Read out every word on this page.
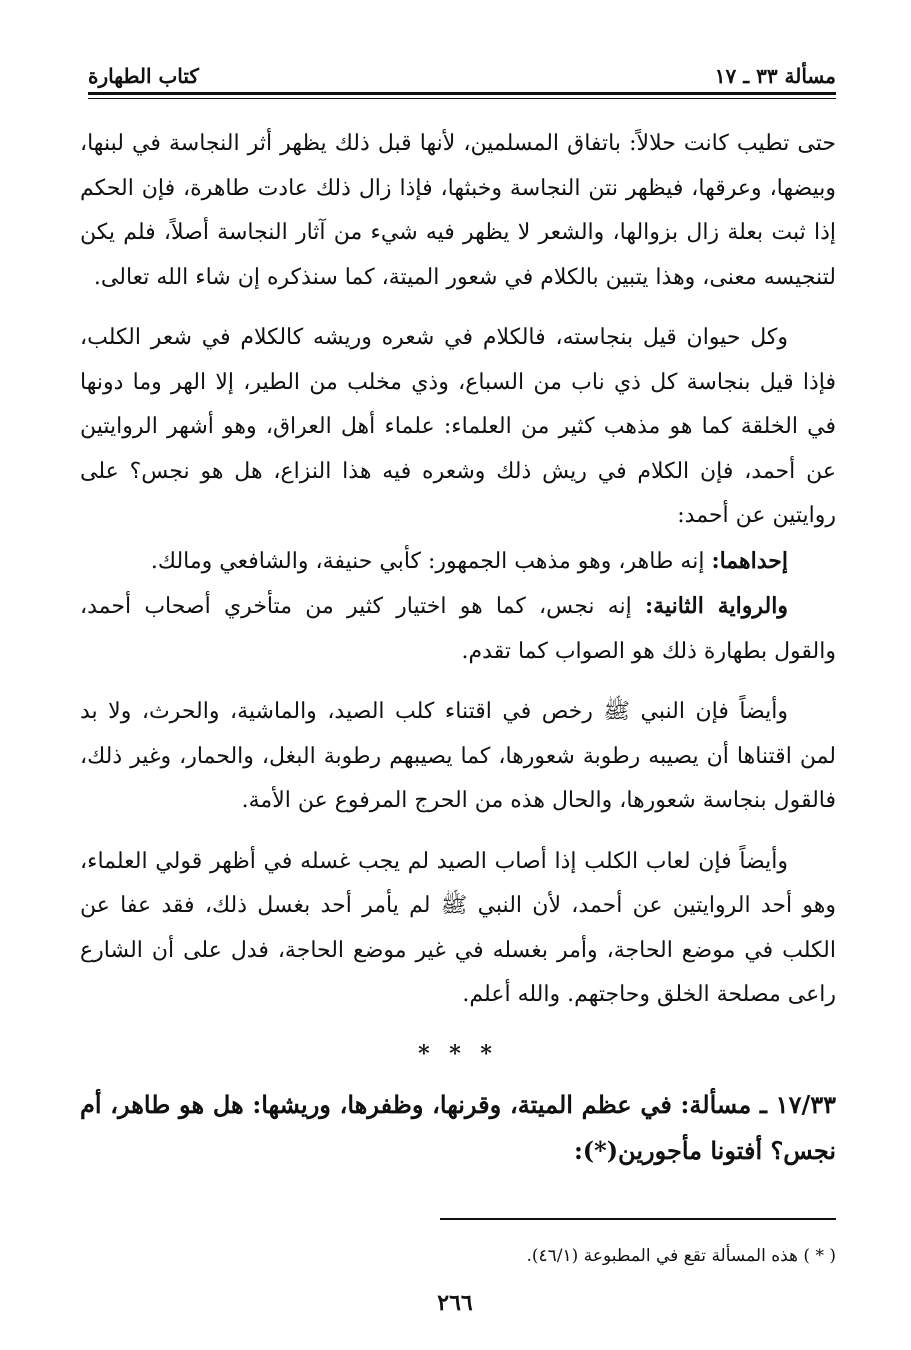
مسألة ٣٣ ـ ١٧
كتاب الطهارة

حتى تطيب كانت حلالاً: باتفاق المسلمين، لأنها قبل ذلك يظهر أثر النجاسة في لبنها، وبيضها، وعرقها، فيظهر نتن النجاسة وخبثها، فإذا زال ذلك عادت طاهرة، فإن الحكم إذا ثبت بعلة زال بزوالها، والشعر لا يظهر فيه شيء من آثار النجاسة أصلاً، فلم يكن لتنجيسه معنى، وهذا يتبين بالكلام في شعور الميتة، كما سنذكره إن شاء الله تعالى.

وكل حيوان قيل بنجاسته، فالكلام في شعره وريشه كالكلام في شعر الكلب، فإذا قيل بنجاسة كل ذي ناب من السباع، وذي مخلب من الطير، إلا الهر وما دونها في الخلقة كما هو مذهب كثير من العلماء: علماء أهل العراق، وهو أشهر الروايتين عن أحمد، فإن الكلام في ريش ذلك وشعره فيه هذا النزاع، هل هو نجس؟ على روايتين عن أحمد:

إحداهما: إنه طاهر، وهو مذهب الجمهور: كأبي حنيفة، والشافعي ومالك.

والرواية الثانية: إنه نجس، كما هو اختيار كثير من متأخري أصحاب أحمد، والقول بطهارة ذلك هو الصواب كما تقدم.

وأيضاً فإن النبي ﷺ رخص في اقتناء كلب الصيد، والماشية، والحرث، ولا بد لمن اقتناها أن يصيبه رطوبة شعورها، كما يصيبهم رطوبة البغل، والحمار، وغير ذلك، فالقول بنجاسة شعورها، والحال هذه من الحرج المرفوع عن الأمة.

وأيضاً فإن لعاب الكلب إذا أصاب الصيد لم يجب غسله في أظهر قولي العلماء، وهو أحد الروايتين عن أحمد، لأن النبي ﷺ لم يأمر أحد بغسل ذلك، فقد عفا عن الكلب في موضع الحاجة، وأمر بغسله في غير موضع الحاجة، فدل على أن الشارع راعى مصلحة الخلق وحاجتهم. والله أعلم.

* * *

١٧/٣٣ ـ مسألة: في عظم الميتة، وقرنها، وظفرها، وريشها: هل هو طاهر، أم نجس؟ أفتونا مأجورين(*):

( * ) هذه المسألة تقع في المطبوعة (٤٦/١).
٢٦٦
